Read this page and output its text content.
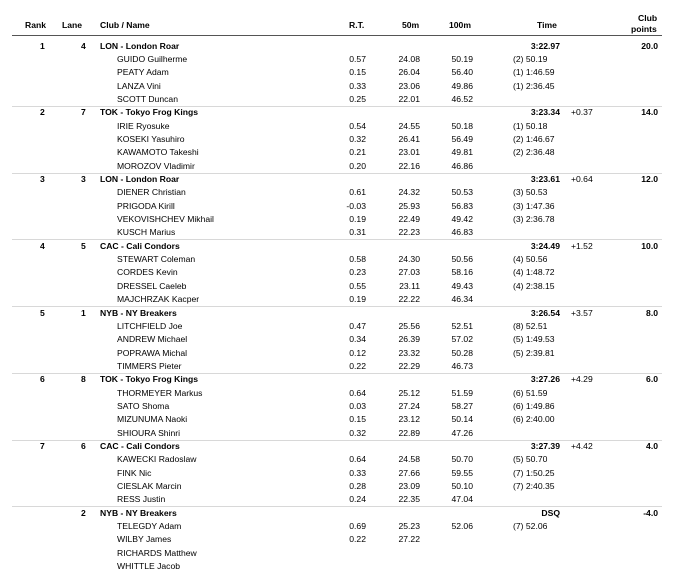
Rank Lane Club / Name	R.T.	50m	100m	Time
Club
points
1	4 LON - London Roar	3:22.97	20.0
GUIDO Guilherme	0.57	24.08	50.19	(2) 50.19
PEATY Adam	0.15	26.04	56.40	(1) 1:46.59
LANZA Vini	0.33	23.06	49.86	(1) 2:36.45
SCOTT Duncan	0.25	22.01	46.52
2	7 TOK - Tokyo Frog Kings	3:23.34 +0.37	14.0
IRIE Ryosuke	0.54	24.55	50.18	(1) 50.18
KOSEKI Yasuhiro	0.32	26.41	56.49	(2) 1:46.67
KAWAMOTO Takeshi	0.21	23.01	49.81	(2) 2:36.48
MOROZOV Vladimir	0.20	22.16	46.86
3	3 LON - London Roar	3:23.61 +0.64	12.0
DIENER Christian	0.61	24.32	50.53	(3) 50.53
PRIGODA Kirill	-0.03	25.93	56.83	(3) 1:47.36
VEKOVISHCHEV Mikhail	0.19	22.49	49.42	(3) 2:36.78
KUSCH Marius	0.31	22.23	46.83
4	5 CAC - Cali Condors	3:24.49 +1.52	10.0
STEWART Coleman	0.58	24.30	50.56	(4) 50.56
CORDES Kevin	0.23	27.03	58.16	(4) 1:48.72
DRESSEL Caeleb	0.55	23.11	49.43	(4) 2:38.15
MAJCHRZAK Kacper	0.19	22.22	46.34
5	1 NYB - NY Breakers	3:26.54 +3.57	8.0
LITCHFIELD Joe	0.47	25.56	52.51	(8) 52.51
ANDREW Michael	0.34	26.39	57.02	(5) 1:49.53
POPRAWA Michal	0.12	23.32	50.28	(5) 2:39.81
TIMMERS Pieter	0.22	22.29	46.73
6	8 TOK - Tokyo Frog Kings	3:27.26 +4.29	6.0
THORMEYER Markus	0.64	25.12	51.59	(6) 51.59
SATO Shoma	0.03	27.24	58.27	(6) 1:49.86
MIZUNUMA Naoki	0.15	23.12	50.14	(6) 2:40.00
SHIOURA Shinri	0.32	22.89	47.26
7	6 CAC - Cali Condors	3:27.39 +4.42	4.0
KAWECKI Radoslaw	0.64	24.58	50.70	(5) 50.70
FINK Nic	0.33	27.66	59.55	(7) 1:50.25
CIESLAK Marcin	0.28	23.09	50.10	(7) 2:40.35
RESS Justin	0.24	22.35	47.04
2 NYB - NY Breakers	DSQ	-4.0
TELEGDY Adam	0.69	25.23	52.06	(7) 52.06
WILBY James	0.22	27.22
RICHARDS Matthew
WHITTLE Jacob
